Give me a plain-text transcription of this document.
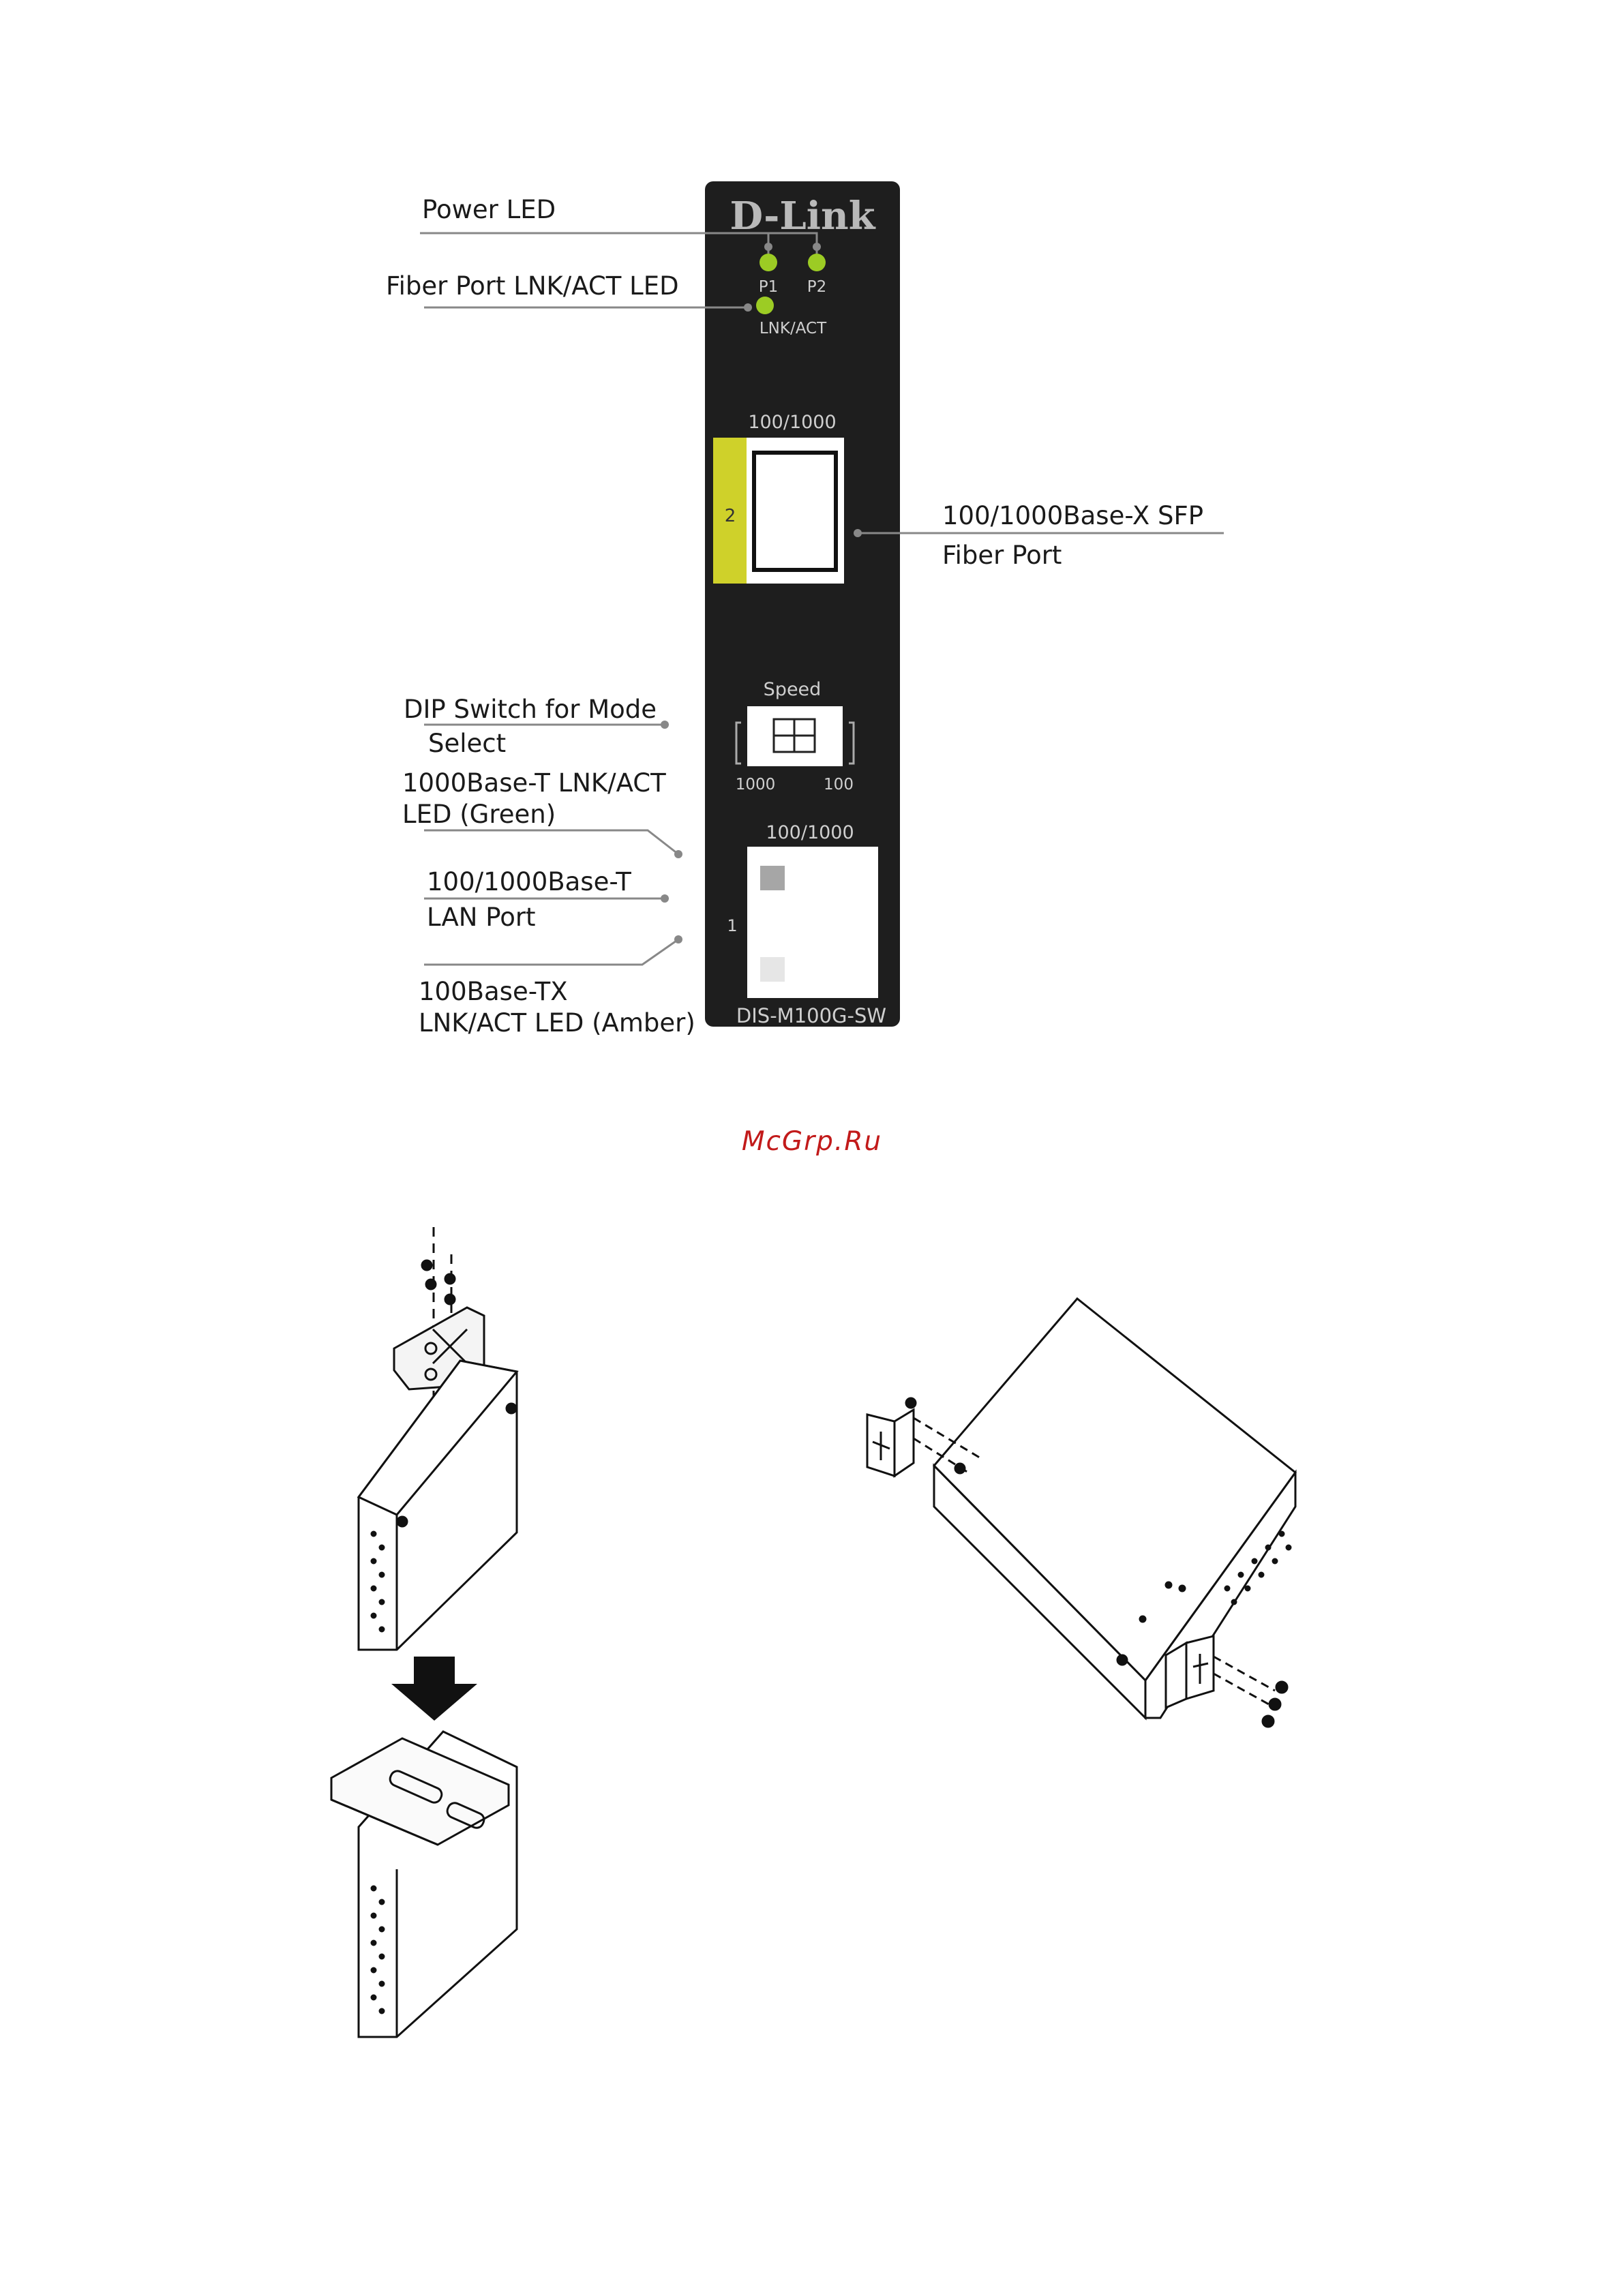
D-Link
P1 P2
LNK/ACT
100/1000
2
Speed
1000	100
100/1000
1
DIS-M100G-SW
Power LED
Fiber Port LNK/ACT LED
100/1000Base-X SFP
Fiber Port
DIP Switch for Mode
Select
1000Base-T LNK/ACT
LED (Green)
100/1000Base-T
LAN Port
100Base-TX
LNK/ACT LED (Amber)
McGrp.Ru
